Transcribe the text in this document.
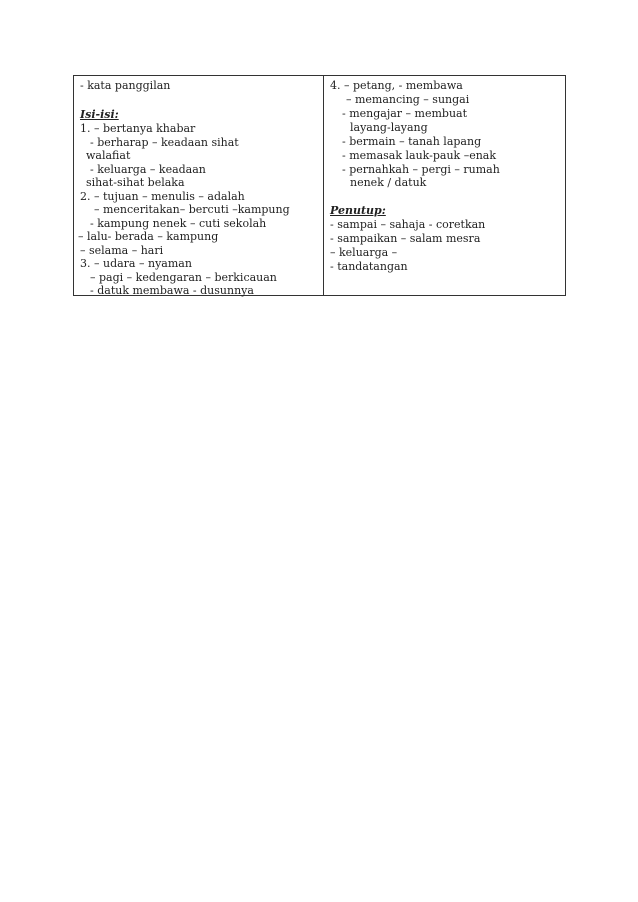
- kata panggilan
Isi-isi:
1. – bertanya khabar
- berharap – keadaan sihat
walafiat
- keluarga – keadaan
sihat-sihat belaka
2. – tujuan – menulis – adalah
– menceritakan– bercuti –kampung
- kampung nenek – cuti sekolah
– lalu- berada – kampung
– selama – hari
3. – udara – nyaman
– pagi – kedengaran – berkicauan
- datuk membawa - dusunnya
4. – petang, - membawa
– memancing – sungai
- mengajar – membuat
layang-layang
- bermain – tanah lapang
- memasak lauk-pauk –enak
- pernahkah – pergi – rumah
nenek / datuk
Penutup:
- sampai – sahaja - coretkan
- sampaikan – salam mesra
– keluarga –
- tandatangan
